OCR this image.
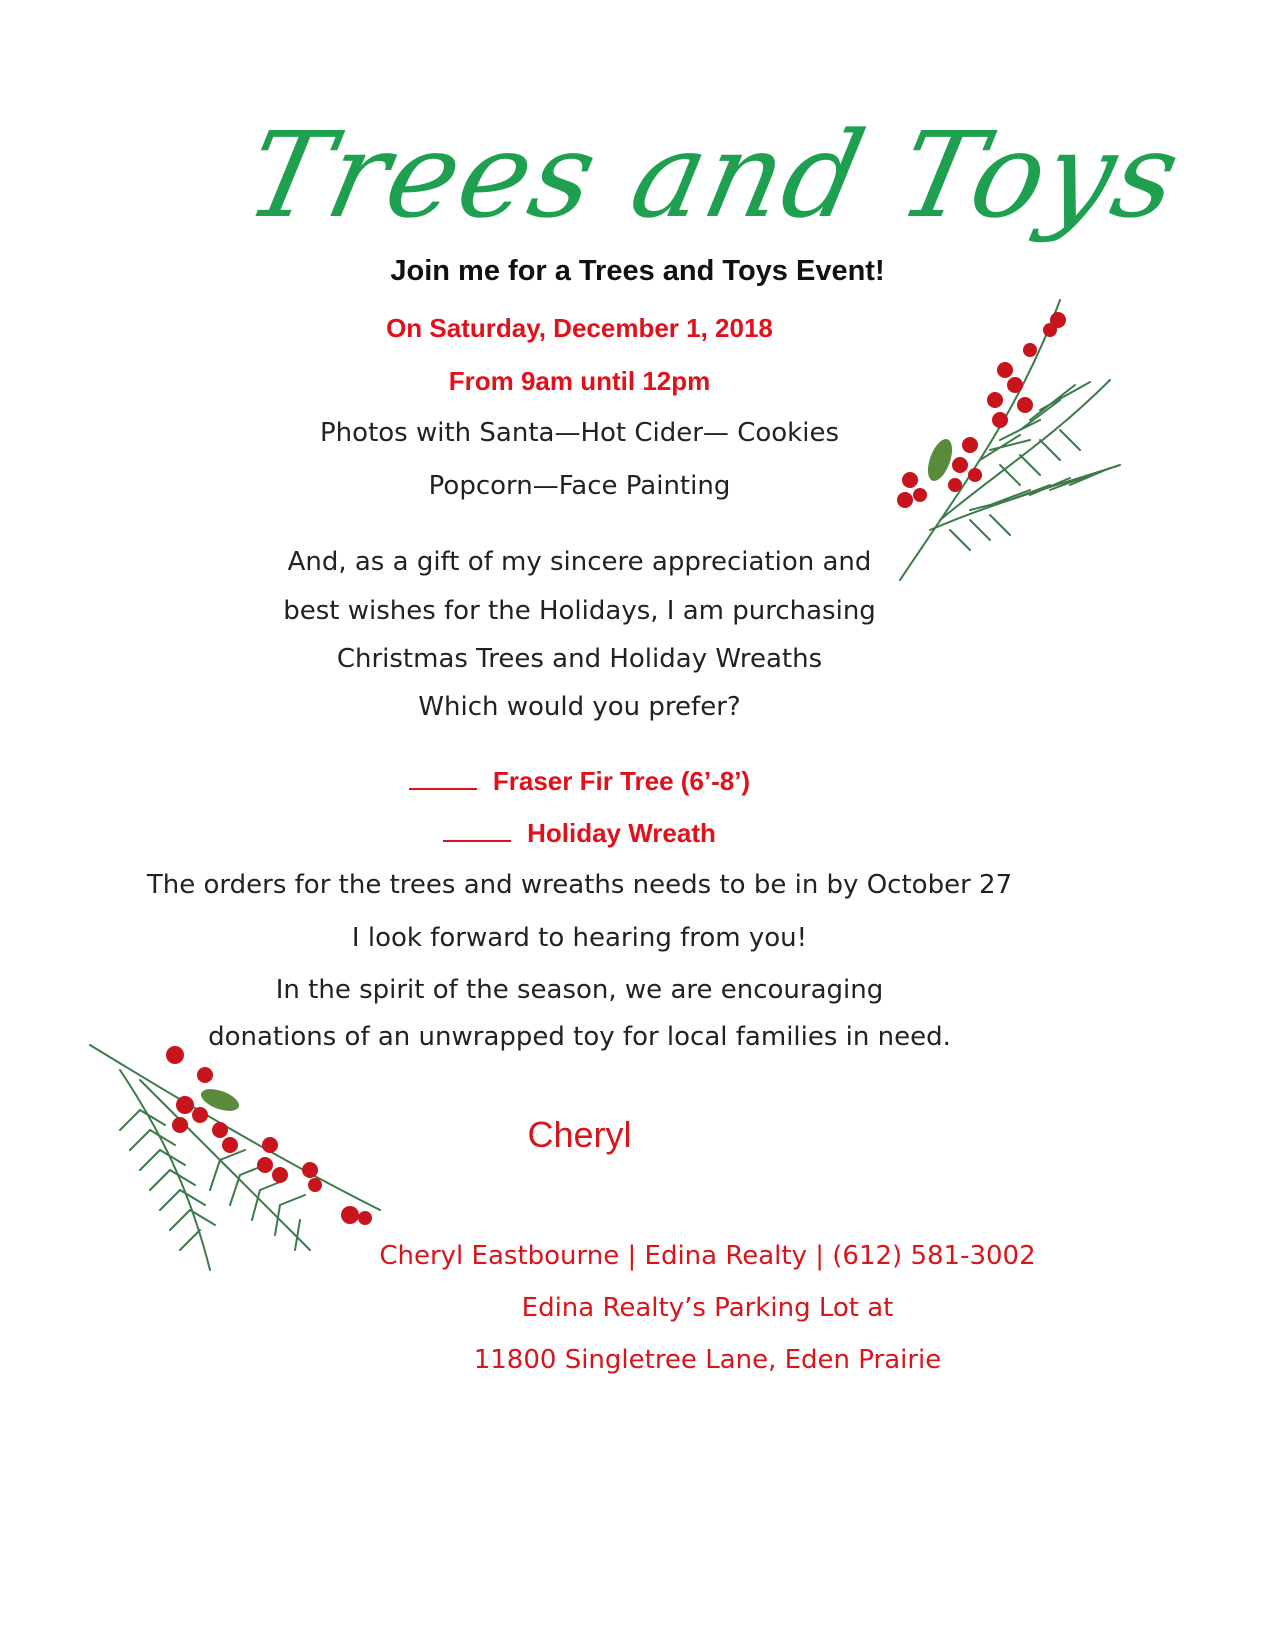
Trees and Toys
Join me for a Trees and Toys Event!
On Saturday, December 1, 2018
From 9am until 12pm
Photos with Santa—Hot Cider— Cookies
Popcorn—Face Painting
And, as a gift of my sincere appreciation and
best wishes for the Holidays, I am purchasing
Christmas Trees and Holiday Wreaths
Which would you prefer?
Fraser Fir Tree (6’-8’)
Holiday Wreath
The orders for the trees and wreaths needs to be in by October 27
I look forward to hearing from you!
In the spirit of the season, we are encouraging
donations of an unwrapped toy for local families in need.
Cheryl
Cheryl Eastbourne | Edina Realty | (612) 581-3002
Edina Realty’s Parking Lot at
11800 Singletree Lane, Eden Prairie
